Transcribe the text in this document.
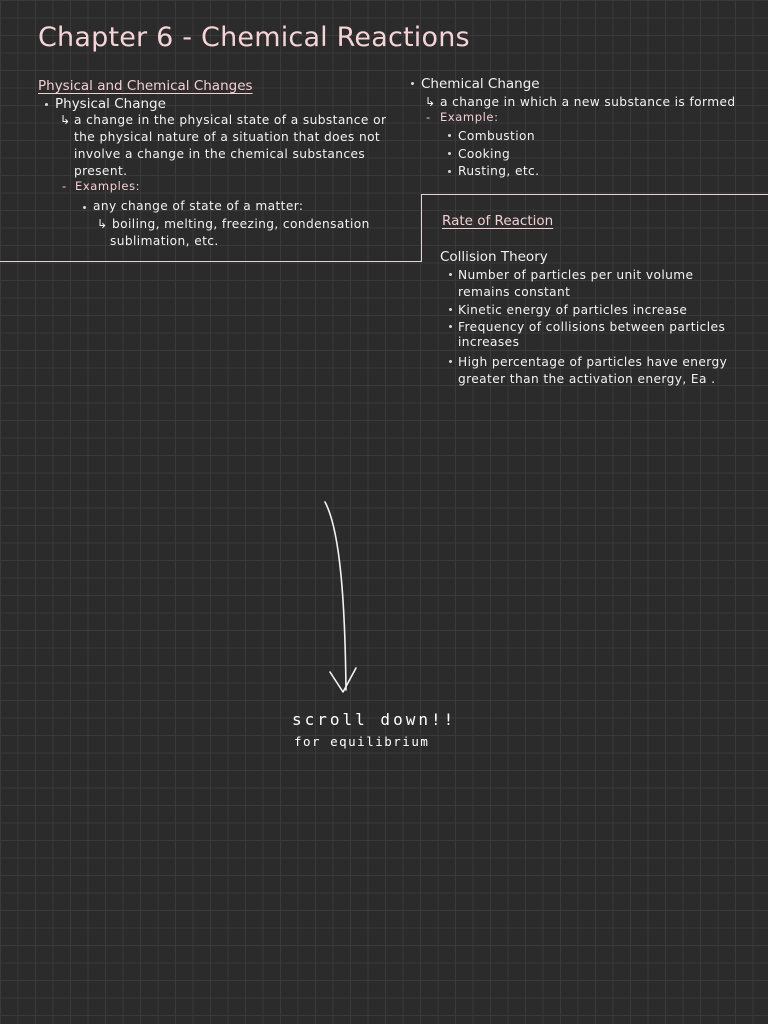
Chapter 6 - Chemical Reactions
Physical and Chemical Changes
Physical Change
↳ a change in the physical state of a substance or
the physical nature of a situation that does not
involve a change in the chemical substances
present.
- Examples:
any change of state of a matter:
↳ boiling, melting, freezing, condensation
sublimation, etc.
Chemical Change
↳ a change in which a new substance is formed
- Example:
Combustion
Cooking
Rusting, etc.
Rate of Reaction
Collision Theory
Number of particles per unit volume
remains constant
Kinetic energy of particles increase
Frequency of collisions between particles
increases
High percentage of particles have energy
greater than the activation energy, Ea .
scroll down!!
for equilibrium
